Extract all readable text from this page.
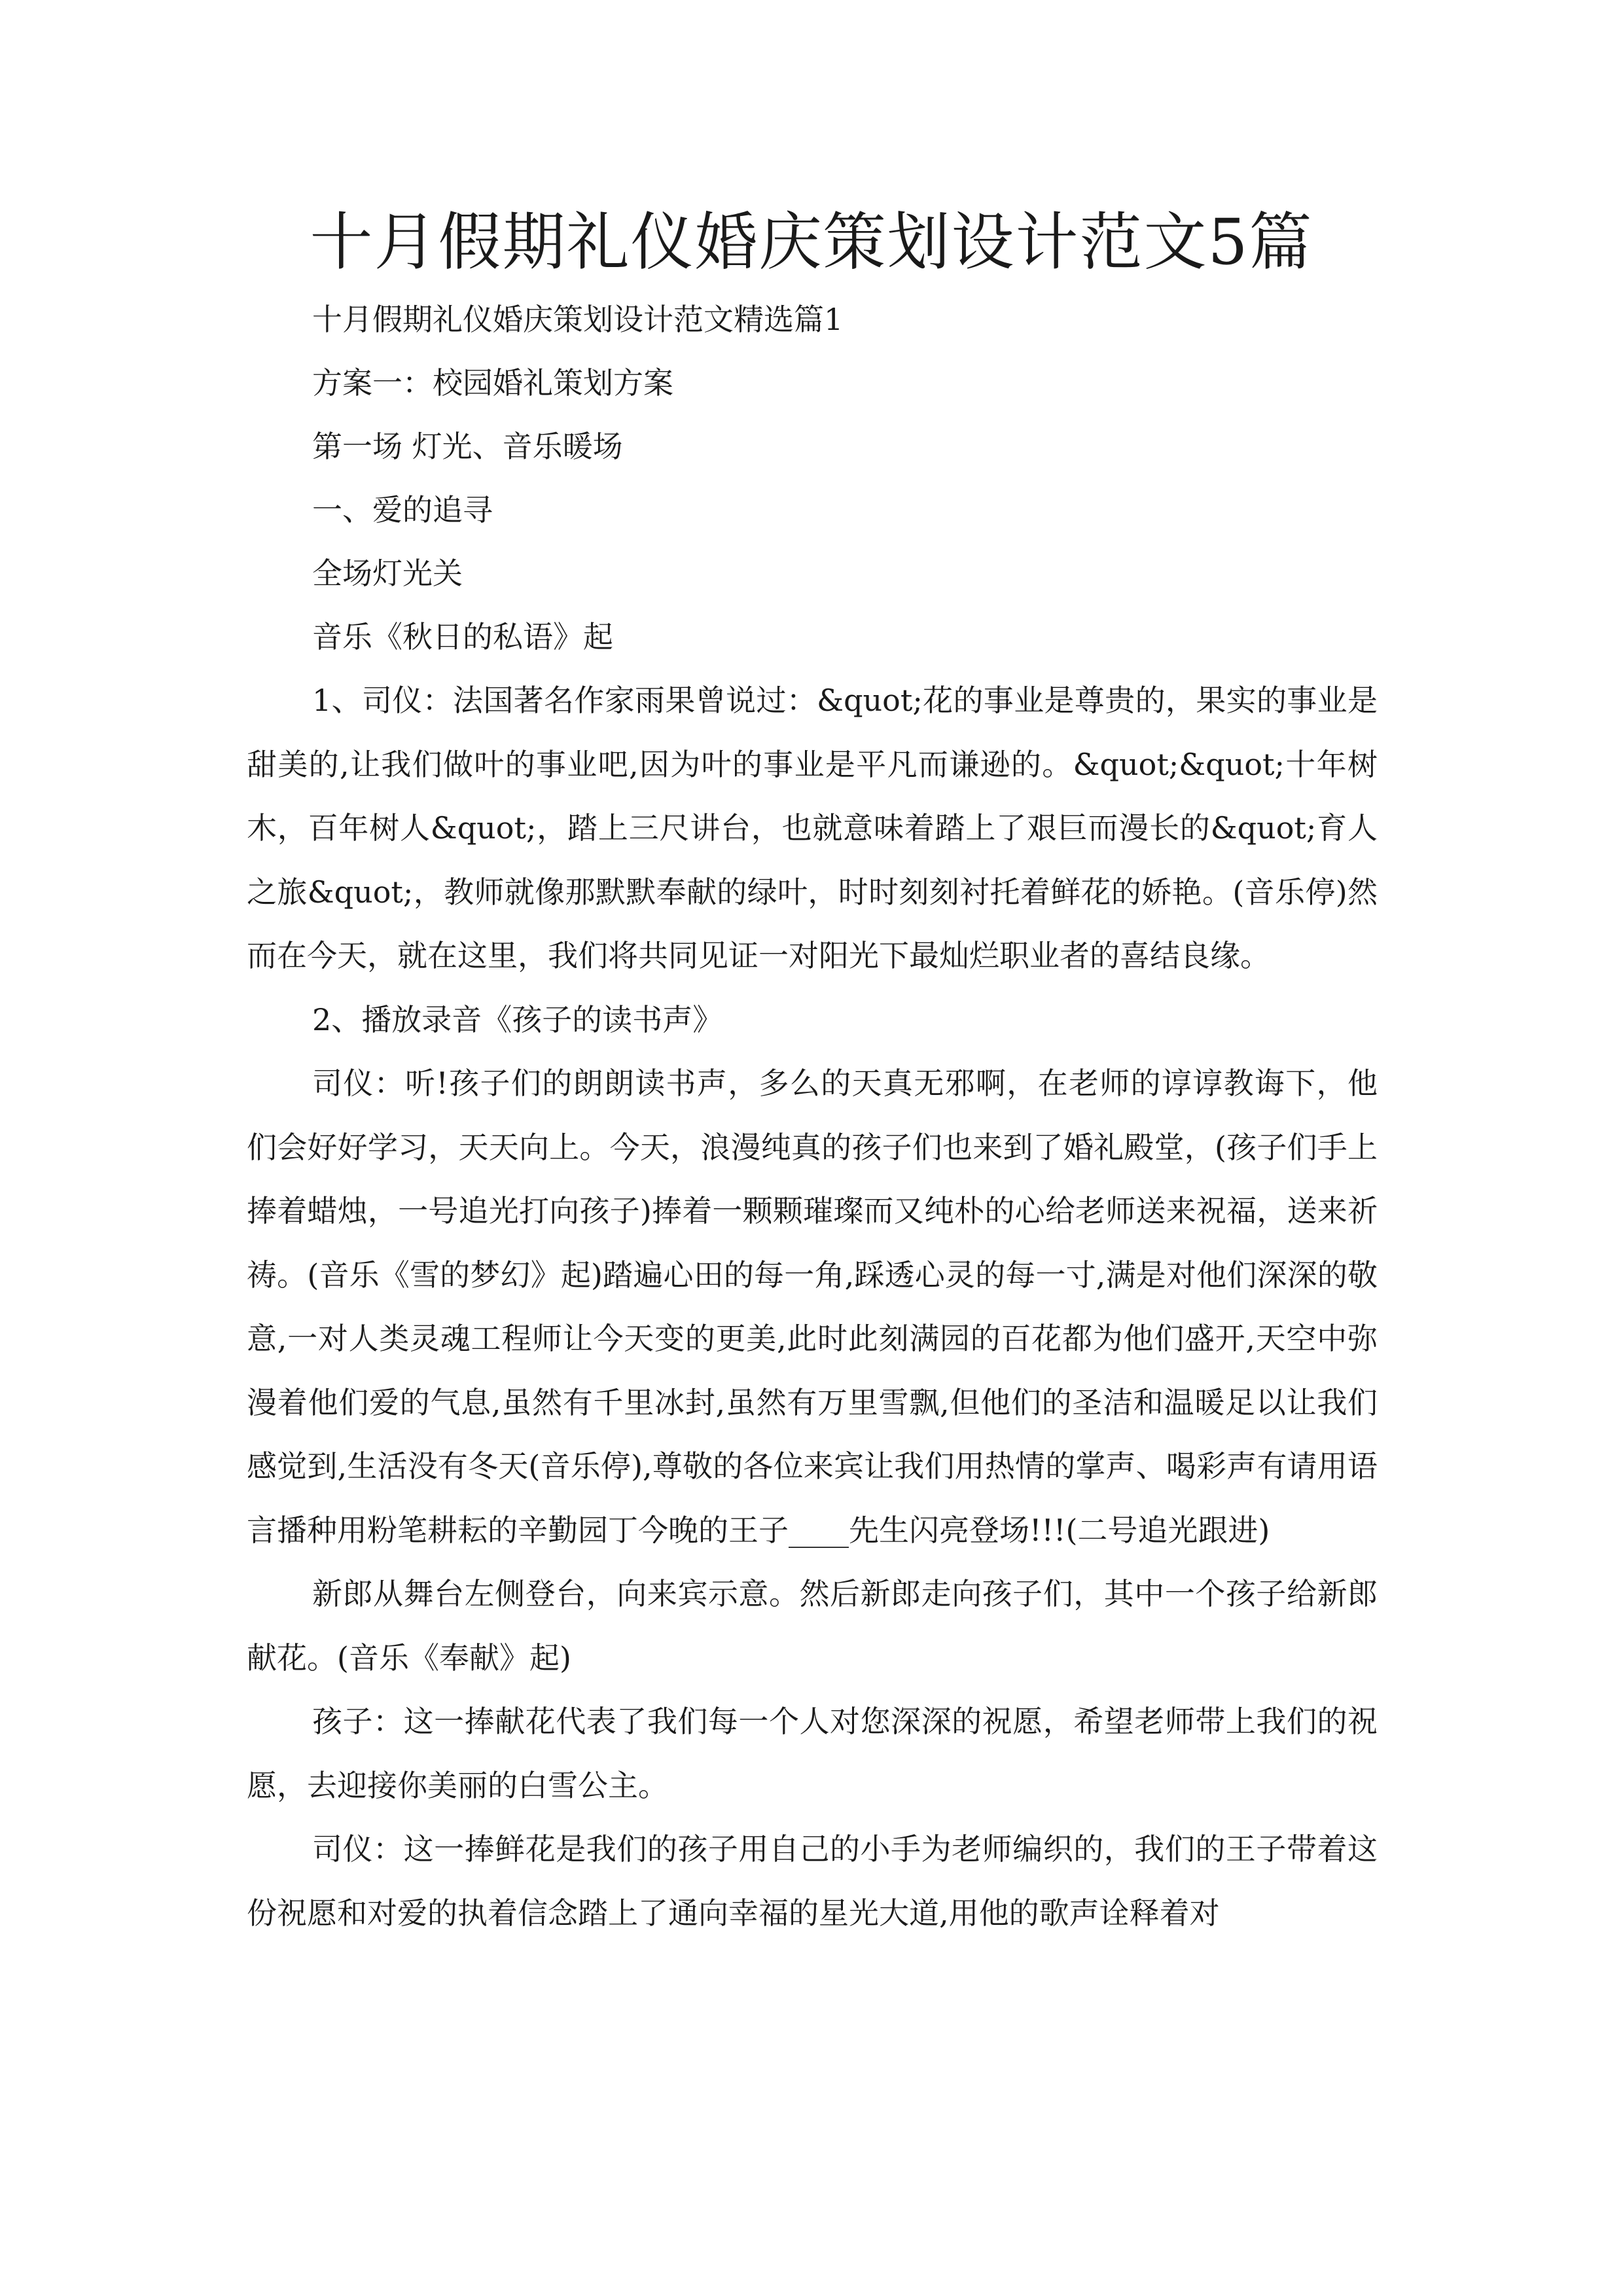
十月假期礼仪婚庆策划设计范文5篇

十月假期礼仪婚庆策划设计范文精选篇1

方案一：校园婚礼策划方案

第一场 灯光、音乐暖场

一、爱的追寻

全场灯光关

音乐《秋日的私语》起

1、司仪：法国著名作家雨果曾说过：&quot;花的事业是尊贵的，果实的事业是甜美的,让我们做叶的事业吧,因为叶的事业是平凡而谦逊的。&quot;&quot;十年树木，百年树人&quot;，踏上三尺讲台，也就意味着踏上了艰巨而漫长的&quot;育人之旅&quot;，教师就像那默默奉献的绿叶，时时刻刻衬托着鲜花的娇艳。(音乐停)然而在今天，就在这里，我们将共同见证一对阳光下最灿烂职业者的喜结良缘。

2、播放录音《孩子的读书声》

司仪：听!孩子们的朗朗读书声，多么的天真无邪啊，在老师的谆谆教诲下，他们会好好学习，天天向上。今天，浪漫纯真的孩子们也来到了婚礼殿堂，(孩子们手上捧着蜡烛，一号追光打向孩子)捧着一颗颗璀璨而又纯朴的心给老师送来祝福，送来祈祷。(音乐《雪的梦幻》起)踏遍心田的每一角,踩透心灵的每一寸,满是对他们深深的敬意,一对人类灵魂工程师让今天变的更美,此时此刻满园的百花都为他们盛开,天空中弥漫着他们爱的气息,虽然有千里冰封,虽然有万里雪飘,但他们的圣洁和温暖足以让我们感觉到,生活没有冬天(音乐停),尊敬的各位来宾让我们用热情的掌声、喝彩声有请用语言播种用粉笔耕耘的辛勤园丁今晚的王子____先生闪亮登场!!!(二号追光跟进)

新郎从舞台左侧登台，向来宾示意。然后新郎走向孩子们，其中一个孩子给新郎献花。(音乐《奉献》起)

孩子：这一捧献花代表了我们每一个人对您深深的祝愿，希望老师带上我们的祝愿，去迎接你美丽的白雪公主。

司仪：这一捧鲜花是我们的孩子用自己的小手为老师编织的，我们的王子带着这份祝愿和对爱的执着信念踏上了通向幸福的星光大道,用他的歌声诠释着对
